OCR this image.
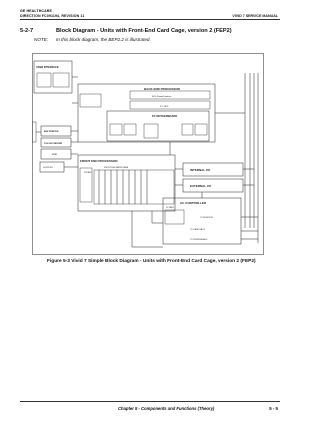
GE HEALTHCARE
DIRECTION FC091194, REVISION 11	VIVID 7 SERVICE MANUAL
5-2-7	Block Diagram - Units with Front-End Card Cage, version 2 (FEP2)
NOTE: In this block diagram, the BEP2.2 is illustrated.
USER INTERFACE
BACK END PROCESSOR
ECG Patient Interface
3.5" HDD
PC MOTHERBOARD
B/W PRINTER
COLOR PRINTER
VCR
DOPPLER
FRONT END PROCESSOR
FRONT END BACKPLANE	INTERNAL I/O
EXTERNAL I/O
AC CONTROLLER
TO MONITOR
TO CARD RACK
TO PERIPHERALS
PROBES
DC FANS
Figure 5-3 Vivid 7 Simple Block Diagram - Units with Front-End Card Cage, version 2 (FEP2)
Chapter 5 - Components and Functions (Theory)	5 - 5
